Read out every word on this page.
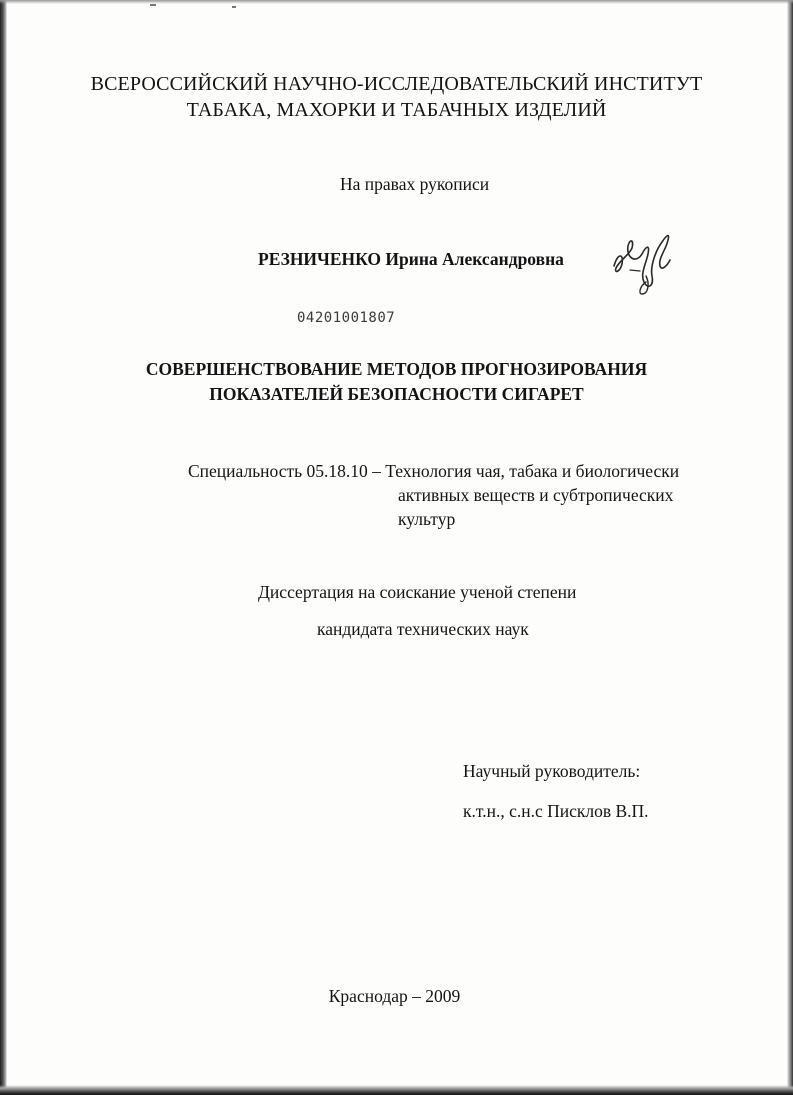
ВСЕРОССИЙСКИЙ НАУЧНО-ИССЛЕДОВАТЕЛЬСКИЙ ИНСТИТУТ
ТАБАКА, МАХОРКИ И ТАБАЧНЫХ ИЗДЕЛИЙ
На правах рукописи
РЕЗНИЧЕНКО Ирина Александровна
04201001807
СОВЕРШЕНСТВОВАНИЕ МЕТОДОВ ПРОГНОЗИРОВАНИЯ
ПОКАЗАТЕЛЕЙ БЕЗОПАСНОСТИ СИГАРЕТ
Специальность 05.18.10 – Технология чая, табака и биологически
активных веществ и субтропических
культур
Диссертация на соискание ученой степени
кандидата технических наук
Научный руководитель:
к.т.н., с.н.с Писклов В.П.
Краснодар – 2009
